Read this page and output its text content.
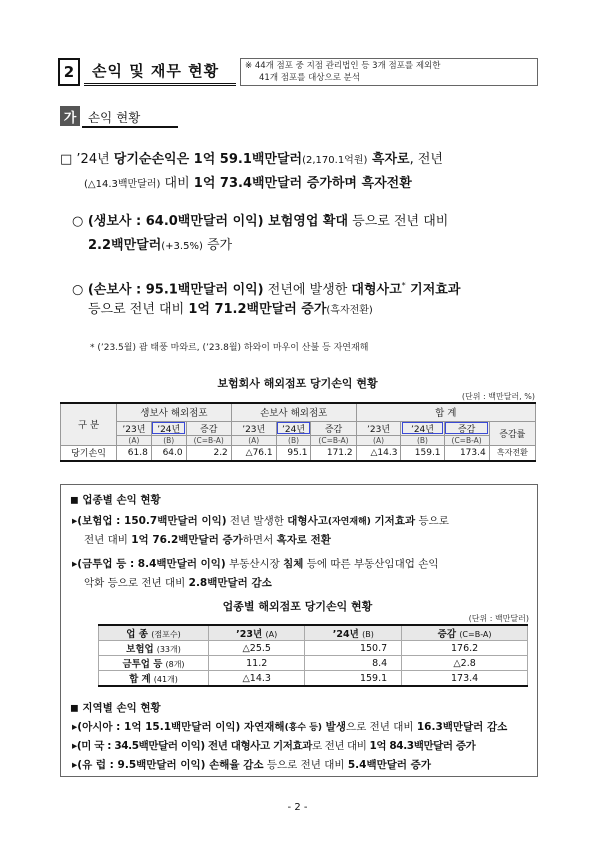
2	손익 및 재무 현황	※ 44개 점포 중 지점 관리법인 등 3개 점포를 제외한
41개 점포를 대상으로 분석
가 손익 현황
□ ’24년 당기순손익은 1억 59.1백만달러(2,170.1억원) 흑자로, 전년
(△14.3백만달러) 대비 1억 73.4백만달러 증가하며 흑자전환
○ (생보사 : 64.0백만달러 이익) 보험영업 확대 등으로 전년 대비
2.2백만달러(+3.5%) 증가
○ (손보사 : 95.1백만달러 이익) 전년에 발생한 대형사고* 기저효과
등으로 전년 대비 1억 71.2백만달러 증가(흑자전환)
* (’23.5월) 괌 태풍 마와르, (’23.8월) 하와이 마우이 산불 등 자연재해
보험회사 해외점포 당기손익 현황
(단위 : 백만달러, %)
구 분	생보사 해외점포			손보사 해외점포			합 계			
	’23년	’24년	증감	’23년	’24년	증감	’23년	’24년	증감	증감률
	(A)	(B)	(C=B-A)	(A)	(B)	(C=B-A)	(A)	(B)	(C=B-A)	
당기손익	61.8	64.0	2.2	△76.1	95.1	171.2	△14.3	159.1	173.4	흑자전환
◼ 업종별 손익 현황
▸(보험업 : 150.7백만달러 이익) 전년 발생한 대형사고(자연재해) 기저효과 등으로
전년 대비 1억 76.2백만달러 증가하면서 흑자로 전환
▸(금투업 등 : 8.4백만달러 이익) 부동산시장 침체 등에 따른 부동산임대업 손익
악화 등으로 전년 대비 2.8백만달러 감소
업종별 해외점포 당기손익 현황
(단위 : 백만달러)
업 종 (점포수)	’23년 (A)	’24년 (B)	증감 (C=B-A)
보험업 (33개)	△25.5	150.7	176.2
금투업 등 (8개)	11.2	8.4	△2.8
합 계 (41개)	△14.3	159.1	173.4
◼ 지역별 손익 현황
▸(아시아 : 1억 15.1백만달러 이익) 자연재해(홍수 등) 발생으로 전년 대비 16.3백만달러 감소
▸(미 국 : 34.5백만달러 이익) 전년 대형사고 기저효과로 전년 대비 1억 84.3백만달러 증가
▸(유 럽 : 9.5백만달러 이익) 손해율 감소 등으로 전년 대비 5.4백만달러 증가
- 2 -
